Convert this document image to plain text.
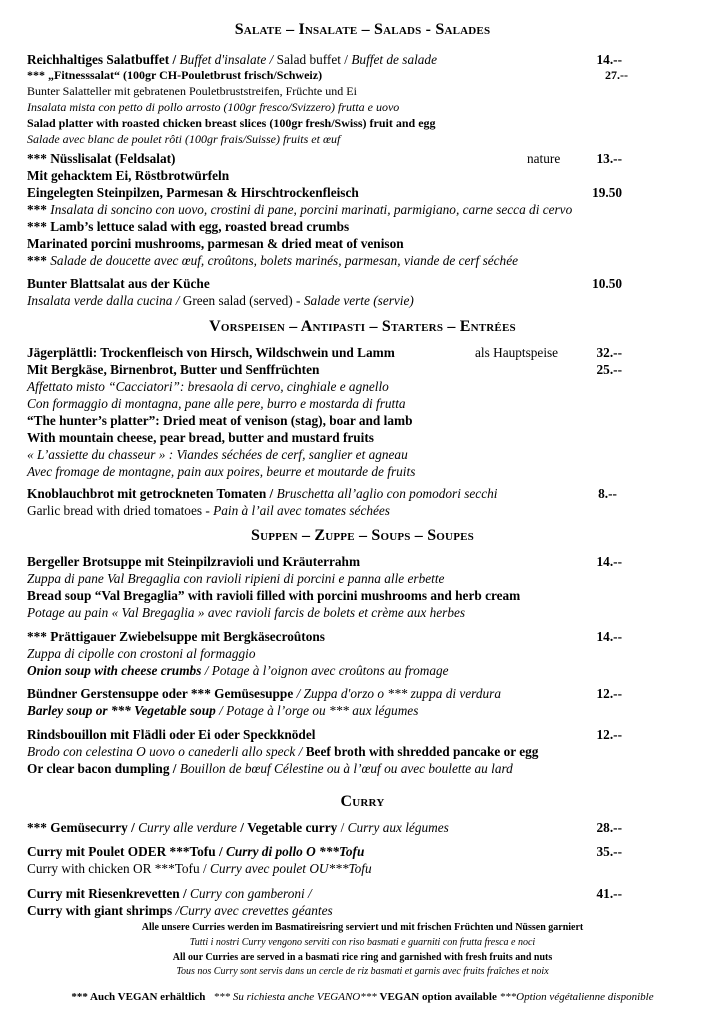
Salate – Insalate – Salads - Salades
Reichhaltiges Salatbuffet / Buffet d'insalate / Salad buffet / Buffet de salade	14.--
*** „Fitnesssalat“ (100gr CH-Pouletbrust frisch/Schweiz)	27.--
Bunter Salatteller mit gebratenen Pouletbruststreifen, Früchte und Ei
Insalata mista con petto di pollo arrosto (100gr fresco/Svizzero) frutta e uovo
Salad platter with roasted chicken breast slices (100gr fresh/Swiss) fruit and egg
Salade avec blanc de poulet rôti (100gr frais/Suisse) fruits et œuf
*** Nüsslisalat (Feldsalat)	nature	13.--
Mit gehacktem Ei, Röstbrotwürfeln
Eingelegten Steinpilzen, Parmesan & Hirschtrockenfleisch	19.50
*** Insalata di soncino con uovo, crostini di pane, porcini marinati, parmigiano, carne secca di cervo
*** Lamb’s lettuce salad with egg, roasted bread crumbs
Marinated porcini mushrooms, parmesan & dried meat of venison
*** Salade de doucette avec œuf, croûtons, bolets marinés, parmesan, viande de cerf séchée
Bunter Blattsalat aus der Küche	10.50
Insalata verde dalla cucina / Green salad (served) - Salade verte (servie)
Vorspeisen – Antipasti – Starters – Entrées
Jägerplättli: Trockenfleisch von Hirsch, Wildschwein und Lamm	als Hauptspeise	32.--
Mit Bergkäse, Birnenbrot, Butter und Senffrüchten	25.--
Affettato misto “Cacciatori”: bresaola di cervo, cinghiale e agnello
Con formaggio di montagna, pane alle pere, burro e mostarda di frutta
“The hunter’s platter”: Dried meat of venison (stag), boar and lamb
With mountain cheese, pear bread, butter and mustard fruits
« L’assiette du chasseur » : Viandes séchées de cerf, sanglier et agneau
Avec fromage de montagne, pain aux poires, beurre et moutarde de fruits
Knoblauchbrot mit getrockneten Tomaten / Bruschetta all’aglio con pomodori secchi	8.--
Garlic bread with dried tomatoes - Pain à l’ail avec tomates séchées
Suppen – Zuppe – Soups – Soupes
Bergeller Brotsuppe mit Steinpilzravioli und Kräuterrahm	14.--
Zuppa di pane Val Bregaglia con ravioli ripieni di porcini e panna alle erbette
Bread soup “Val Bregaglia” with ravioli filled with porcini mushrooms and herb cream
Potage au pain « Val Bregaglia » avec ravioli farcis de bolets et crème aux herbes
*** Prättigauer Zwiebelsuppe mit Bergkäsecroûtons	14.--
Zuppa di cipolle con crostoni al formaggio
Onion soup with cheese crumbs / Potage à l’oignon avec croûtons au fromage
Bündner Gerstensuppe oder *** Gemüsesuppe / Zuppa d'orzo o *** zuppa di verdura	12.--
Barley soup or *** Vegetable soup / Potage à l’orge ou *** aux légumes
Rindsbouillon mit Flädli oder Ei oder Speckknödel	12.--
Brodo con celestina O uovo o canederli allo speck / Beef broth with shredded pancake or egg
Or clear bacon dumpling / Bouillon de bœuf Célestine ou à l’œuf ou avec boulette au lard
Curry
*** Gemüsecurry / Curry alle verdure / Vegetable curry / Curry aux légumes	28.--
Curry mit Poulet ODER ***Tofu / Curry di pollo O ***Tofu	35.--
Curry with chicken OR ***Tofu / Curry avec poulet OU***Tofu
Curry mit Riesenkrevetten / Curry con gamberoni /	41.--
Curry with giant shrimps /Curry avec crevettes géantes
Alle unsere Curries werden im Basmatireisring serviert und mit frischen Früchten und Nüssen garniert
Tutti i nostri Curry vengono serviti con riso basmati e guarniti con frutta fresca e noci
All our Curries are served in a basmati rice ring and garnished with fresh fruits and nuts
Tous nos Curry sont servis dans un cercle de riz basmati et garnis avec fruits fraîches et noix
*** Auch VEGAN erhältlich *** Su richiesta anche VEGANO*** VEGAN option available ***Option végétalienne disponible
